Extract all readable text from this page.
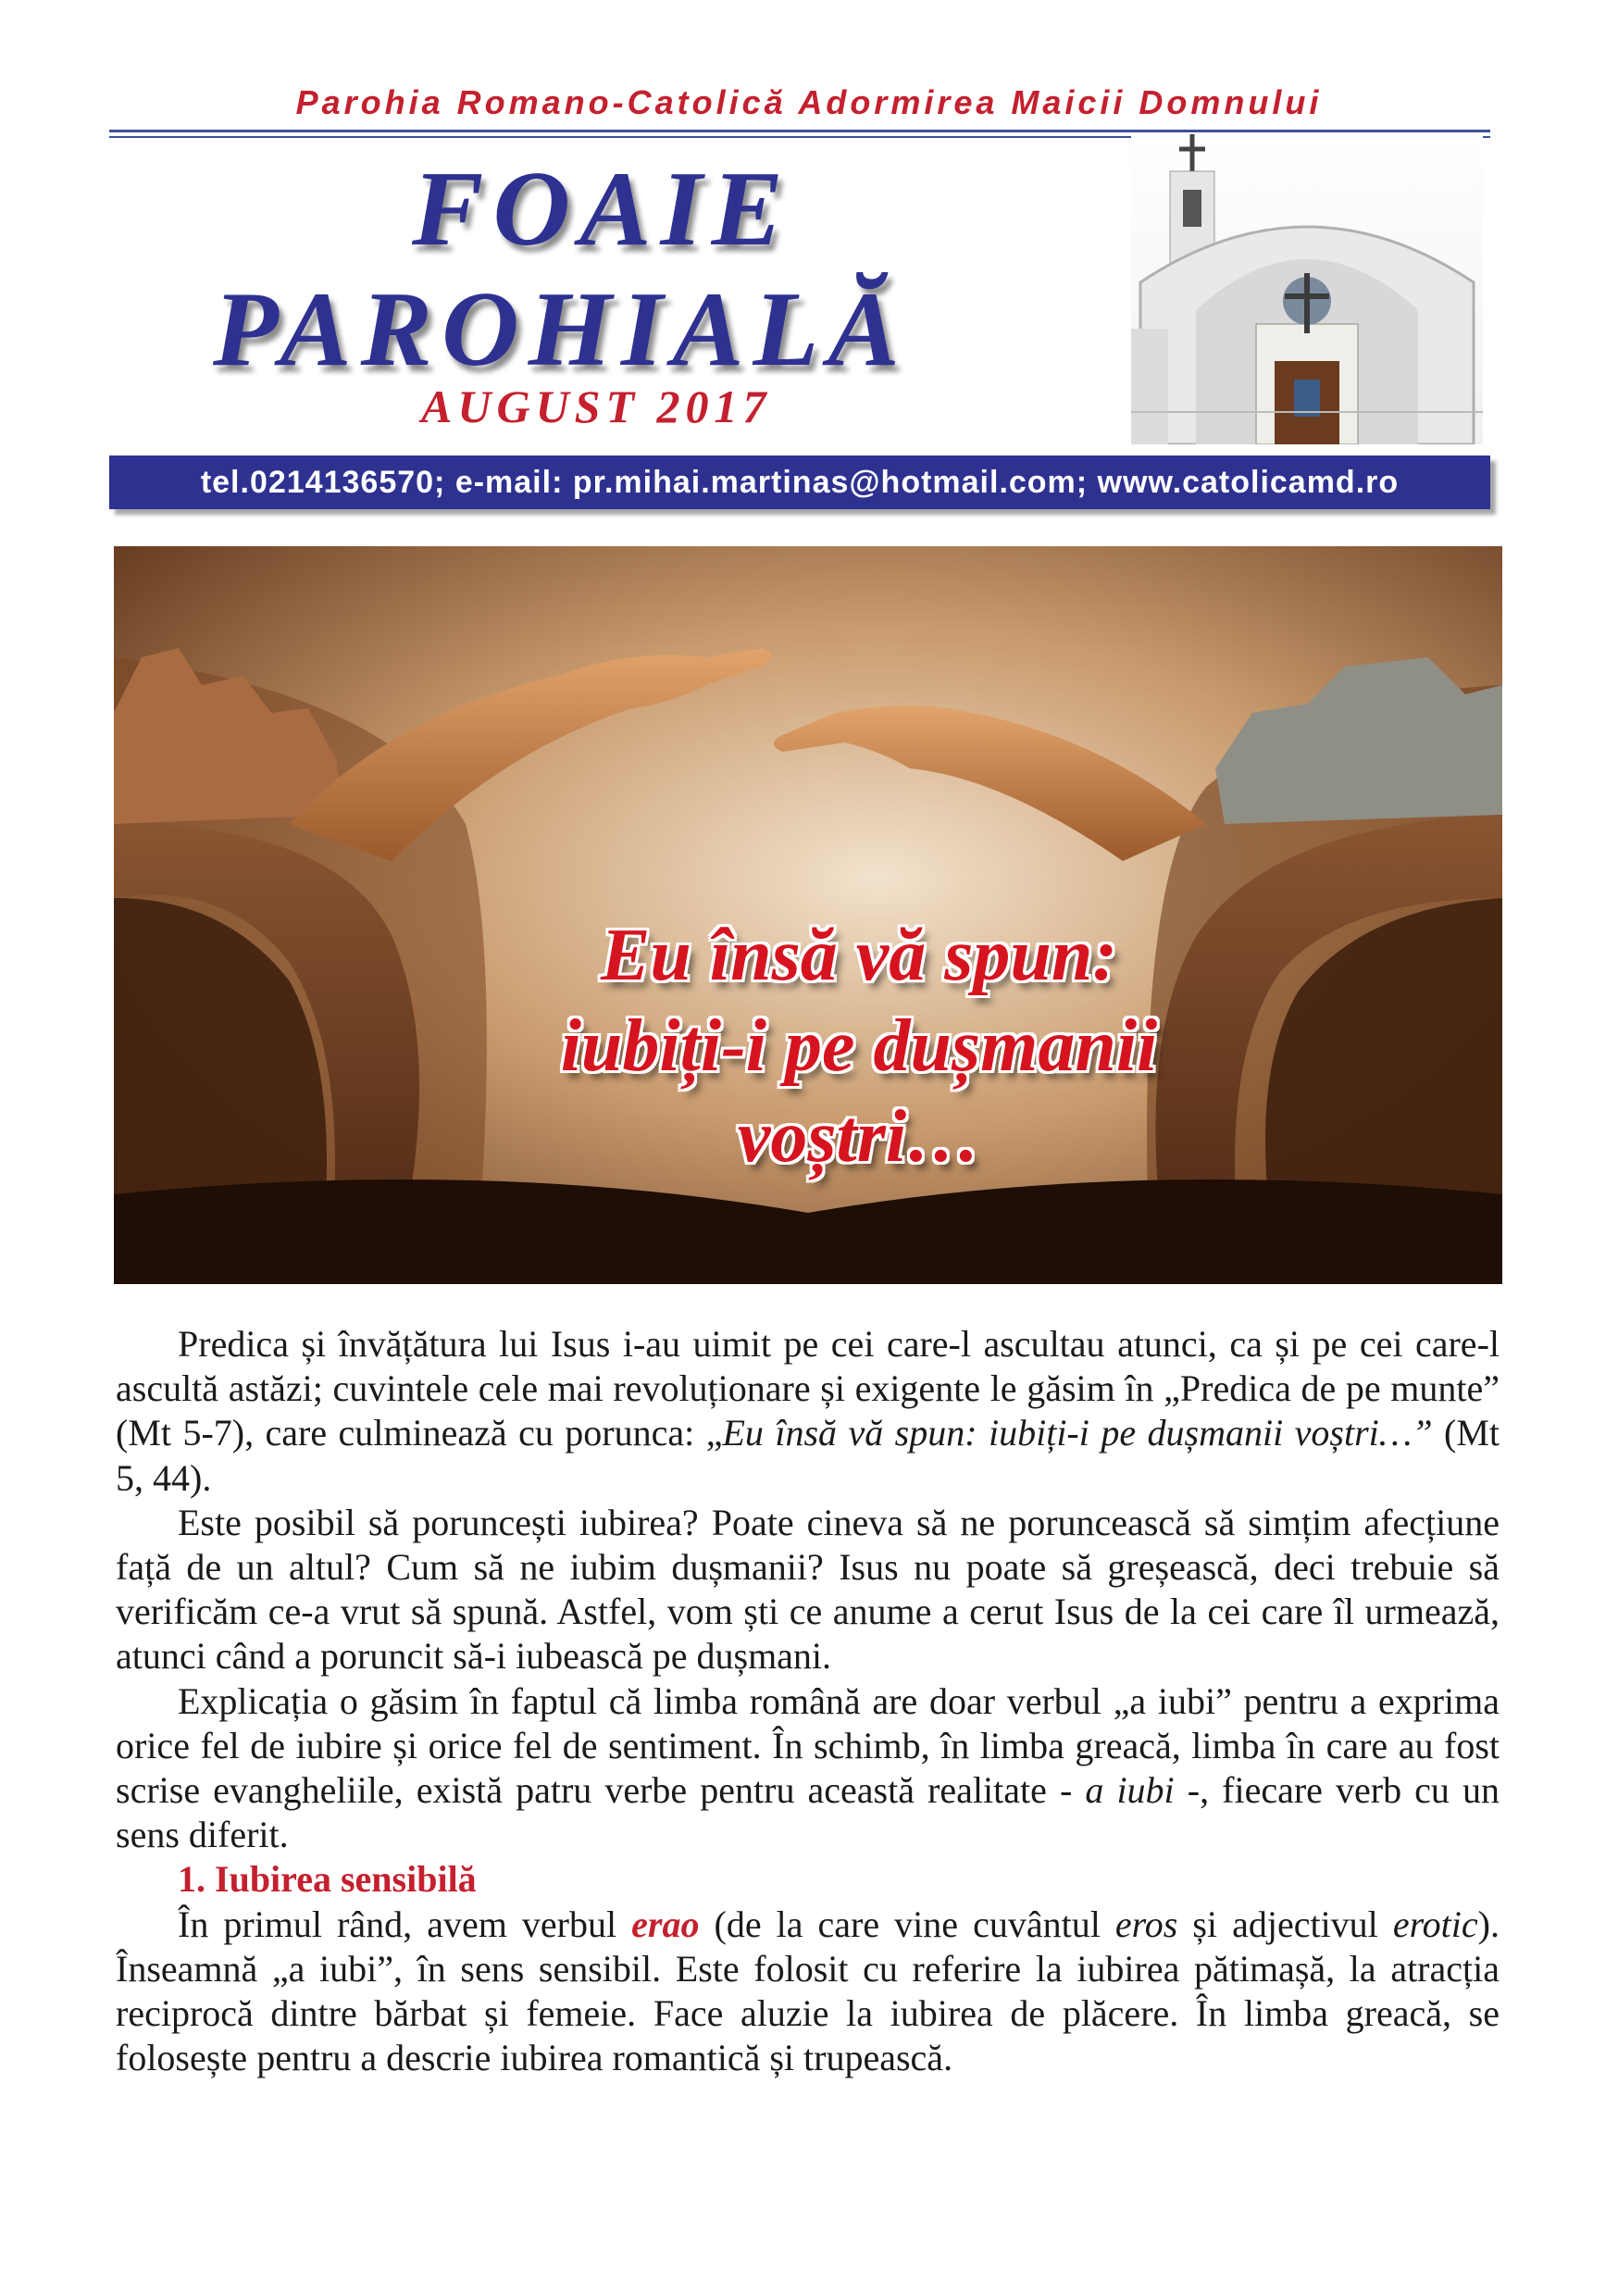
Parohia Romano-Catolică Adormirea Maicii Domnului
FOAIE
PAROHIALĂ
AUGUST 2017
tel.0214136570; e-mail: pr.mihai.martinas@hotmail.com; www.catolicamd.ro
Eu însă vă spun:
iubiți-i pe dușmanii
voștri…

Predica și învățătura lui Isus i-au uimit pe cei care-l ascultau atunci, ca și pe cei care-l ascultă astăzi; cuvintele cele mai revoluționare și exigente le găsim în „Predica de pe munte” (Mt 5-7), care culminează cu porunca: „Eu însă vă spun: iubiți-i pe dușmanii voștri…” (Mt 5, 44).

Este posibil să poruncești iubirea? Poate cineva să ne poruncească să simțim afecțiune față de un altul? Cum să ne iubim dușmanii? Isus nu poate să greșească, deci trebuie să verificăm ce-a vrut să spună. Astfel, vom ști ce anume a cerut Isus de la cei care îl urmează, atunci când a poruncit să-i iubească pe dușmani.

Explicația o găsim în faptul că limba română are doar verbul „a iubi” pentru a exprima orice fel de iubire și orice fel de sentiment. În schimb, în limba greacă, limba în care au fost scrise evangheliile, există patru verbe pentru această realitate - a iubi -, fiecare verb cu un sens diferit.

1. Iubirea sensibilă

În primul rând, avem verbul erao (de la care vine cuvântul eros și adjectivul erotic). Înseamnă „a iubi”, în sens sensibil. Este folosit cu referire la iubirea pătimașă, la atracția reciprocă dintre bărbat și femeie. Face aluzie la iubirea de plăcere. În limba greacă, se folosește pentru a descrie iubirea romantică și trupească.
